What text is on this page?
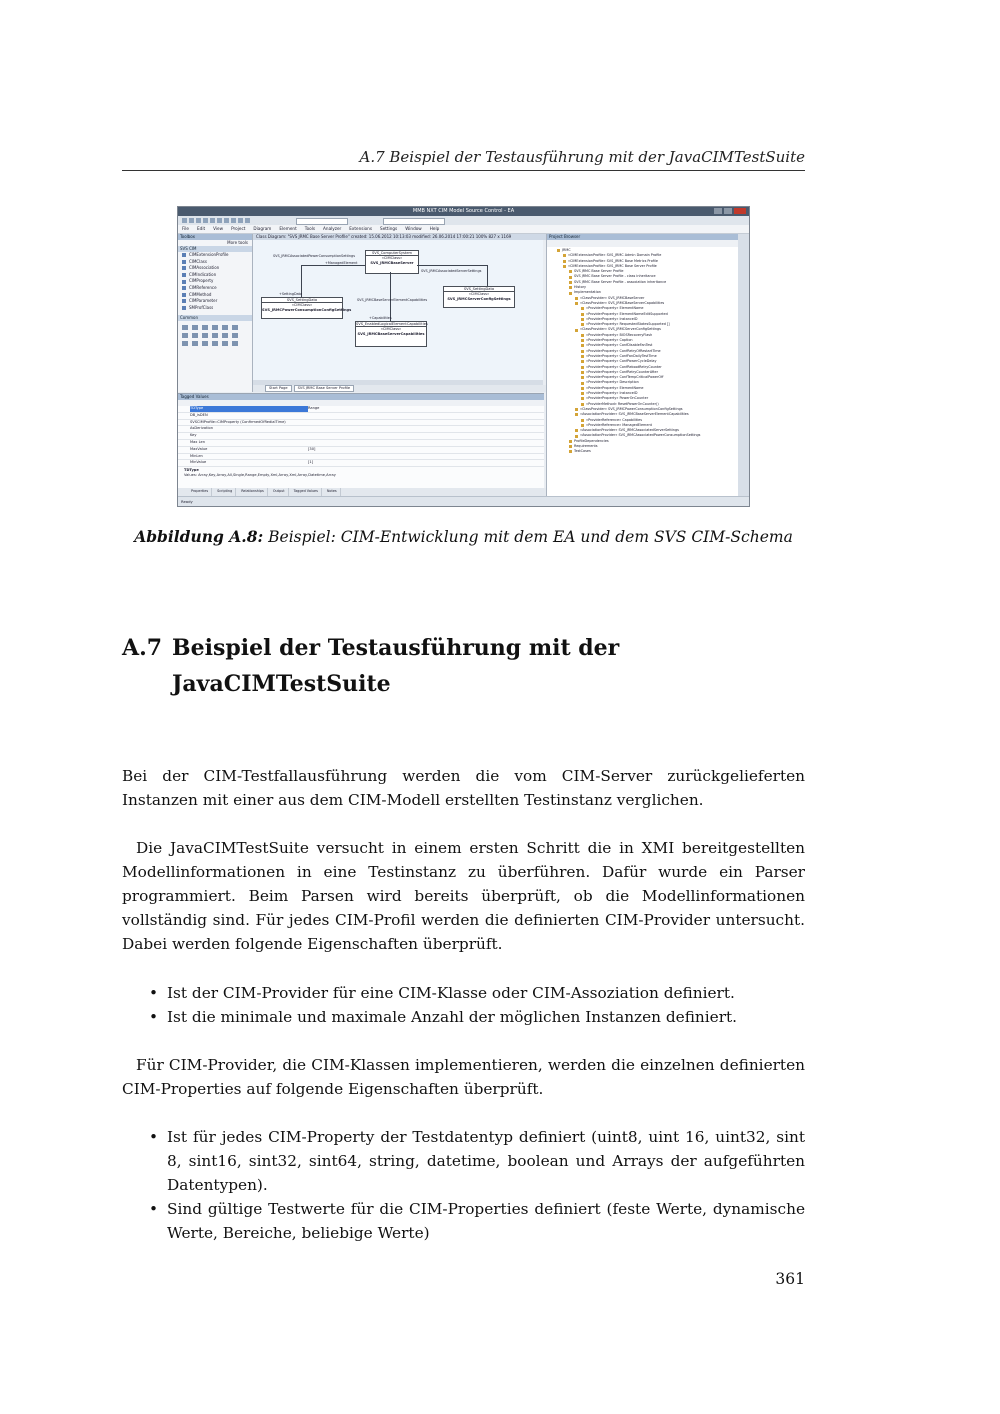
A.7 Beispiel der Testausführung mit der JavaCIMTestSuite
MMB NXT CIM Model Source Control - EA
File Edit View Project Diagram Element Tools Analyzer Extensions Settings Window Help
Toolbox
More tools
SVS CIM
CIMExtensionProfile
CIMClass
CIMAssociation
CIMIndication
CIMProperty
CIMReference
CIMMethod
CIMParameter
SMProfClass
Common
Class Diagram: "SVS JRMC Base Server Profile" created: 15.06.2012 10:13:03 modified: 26.06.2014 17:00:21 100% 827 x 1169
SVS_ComputerSystem
«CIMClass»
SVS_JRMCBaseServer
SVS_SettingData
«CIMClass»
SVS_JRMCPowerConsumptionConfigSettings
SVS_SettingData
«CIMClass»
SVS_JRMCServerConfigSettings
SVS_EnabledLogicalElementCapabilities
«CIMClass»
SVS_JRMCBaseServerCapabilities
SVS_JRMCAssociatedPowerConsumptionSettings
+ManagedElement
+SettingData
SVS_JRMCBaseServerElementCapabilities
+Capabilities
SVS_JRMCAssociatedServerSettings
Start Page	SVS JRMC Base Server Profile
Tagged Values
TDType	Range
DB_isDEN
SVSCIMProfile::CIMProperty (ConfirmedOfRedialTime)
AsDerivation
Key
Max Len
MaxValue	[30]
MinLen
MinValue	[1]
TDType
Values: Array,Key,Array,All,Single,Range,Empty,Xml,Array,Xml,Array,Datetime,Array
Properties	Scripting	Relationships	Output	Tagged Values	Notes
Project Browser
JRMC
«CIMExtensionProfile» SVS_JRMC Admin Domain Profile
«CIMExtensionProfile» SVS_JRMC Base Metrics Profile
«CIMExtensionProfile» SVS_JRMC Base Server Profile
SVS JRMC Base Server Profile
SVS JRMC Base Server Profile - class inheritance
SVS JRMC Base Server Profile - association inheritance
History
Implementation
«ClassProvider» SVS_JRMCBaseServer
«ClassProvider» SVS_JRMCBaseServerCapabilities
«ProviderProperty» ElementName
«ProviderProperty» ElementNameEditSupported
«ProviderProperty» InstanceID
«ProviderProperty» RequestedStatesSupported []
«ClassProvider» SVS_JRMCServerConfigSettings
«ProviderProperty» BIOSRecoveryFlash
«ProviderProperty» Caption
«ProviderProperty» ConfDisableFanTest
«ProviderProperty» ConfRetryOfRestartTime
«ProviderProperty» ConfFanDailyTestTime
«ProviderProperty» ConfPowerCycleDelay
«ProviderProperty» ConfRebootRetryCounter
«ProviderProperty» ConfRetryCounterAfter
«ProviderProperty» ConfTempCriticalPowerOff
«ProviderProperty» Description
«ProviderProperty» ElementName
«ProviderProperty» InstanceID
«ProviderProperty» PowerOnCounter
«ProviderMethod» ResetPowerOnCounter()
«ClassProvider» SVS_JRMCPowerConsumptionConfigSettings
«AssociationProvider» SVS_JRMCBaseServerElementCapabilities
«ProviderReference» Capabilities
«ProviderReference» ManagedElement
«AssociationProvider» SVS_JRMCAssociatedServerSettings
«AssociationProvider» SVS_JRMCAssociatedPowerConsumptionSettings
ProfileDependencies
Requirements
TestCases
Ready
Abbildung A.8: Beispiel: CIM-Entwicklung mit dem EA und dem SVS CIM-Schema
A.7 Beispiel der Testausführung mit der JavaCIMTestSuite

Bei der CIM-Testfallausführung werden die vom CIM-Server zurückgelieferten Instanzen mit einer aus dem CIM-Modell erstellten Testinstanz verglichen.

Die JavaCIMTestSuite versucht in einem ersten Schritt die in XMI bereitgestellten Modellinformationen in eine Testinstanz zu überführen. Dafür wurde ein Parser programmiert. Beim Parsen wird bereits überprüft, ob die Modellinformationen vollständig sind. Für jedes CIM-Profil werden die definierten CIM-Provider untersucht. Dabei werden folgende Eigenschaften überprüft.

• Ist der CIM-Provider für eine CIM-Klasse oder CIM-Assoziation definiert.
• Ist die minimale und maximale Anzahl der möglichen Instanzen definiert.

Für CIM-Provider, die CIM-Klassen implementieren, werden die einzelnen definierten CIM-Properties auf folgende Eigenschaften überprüft.

• Ist für jedes CIM-Property der Testdatentyp definiert (uint8, uint 16, uint32, sint 8, sint16, sint32, sint64, string, datetime, boolean und Arrays der aufgeführten Datentypen).
• Sind gültige Testwerte für die CIM-Properties definiert (feste Werte, dynamische Werte, Bereiche, beliebige Werte)
361
